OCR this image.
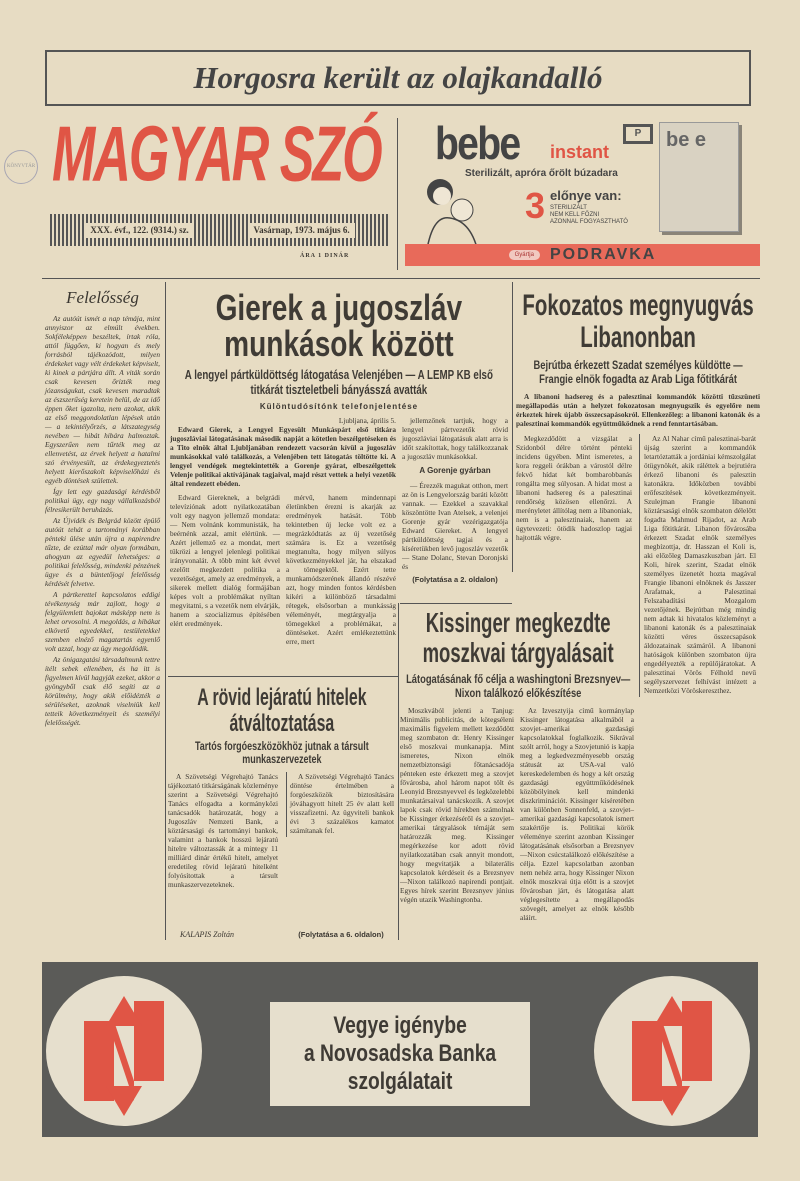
KÖNYVTÁR
Horgosra került az olajkandalló
MAGYAR SZÓ
XXX. évf., 122. (9314.) sz.	Vasárnap, 1973. május 6.
ÁRA 1 DINÁR
bebe instant
Sterilizált, apróra őrölt búzadara
P
3 előnye van:
STERILIZÁLT
NEM KELL FŐZNI
AZONNAL FOGYASZTHATÓ
be e
Gyártja	PODRAVKA
Felelősség

Az autóút ismét a nap témája, mint annyiszor az elmúlt években. Sokféleképpen beszéltek, írtak róla, attól függően, ki hogyan és mely forrásból tájékozódott, milyen érdekeket vagy vélt érdekeket képviselt, ki kinek a pártjára állt. A viták során csak kevesen őrizték meg józanságukat, csak kevesen maradtak az észszerűség keretein belül, de az idő éppen őket igazolta, nem azokat, akik az első meggondolatlan lépések után — a tekintélyőrzés, a látszategység nevében — hibát hibára halmoztak. Egyszerűen nem tűrték meg az ellenvetést, az érvek helyett a hatalmi szó érvényesült, az érdekegyeztetés helyett kierőszakolt képviselőházi és egyéb döntések születtek.

Így lett egy gazdasági kérdésből politikai ügy, egy nagy vállalkozásból félresikerült beruházás.

Az Újvidék és Belgrád között épülő autóút tehát a tartományi korábban pénteki ülése után újra a napirendre tűzte, de ezúttal már olyan formában, ahogyan az egyedül lehetséges: a politikai felelősség, mindenki pénzének ügye és a büntetőjogi felelősség kérdését felvetve.

A pártkerettel kapcsolatos eddigi tévékenység már zajlott, hogy a felgyülemlett bajokat másképp nem is lehet orvosolni. A megoldás, a hibákat elkövető egyedekkel, testületekkel szemben elnéző magatartás egyenlő volt azzal, hogy az ügy megoldódik.

Az önigazgatási társadalmunk tettre ítélt sebek ellenében, és ha itt is figyelmen kívül hagyják ezeket, akkor a gyöngyből csak élő segíti az a körülmény, hogy akik előidézték a sérüléseket, azoknak viselniük kell tetteik következményeit és személyi felelősségét.

KALAPIS Zoltán
Gierek a jugoszláv munkások között
A lengyel pártküldöttség látogatása Velenjében — A LEMP KB első titkárát tiszteletbeli bányásszá avatták
Különtudósítónk telefonjelentése
Ljubljana, április 5.

Edward Gierek, a Lengyel Egyesült Munkáspárt első titkára jugoszláviai látogatásának második napját a kötetlen beszélgetéseken és a Tito elnök által Ljubljanában rendezett vacsorán kívül a jugoszláv munkásokkal való találkozás, a Velenjében tett látogatás töltötte ki. A lengyel vendégek megtekintették a Gorenje gyárat, elbeszélgettek Velenje politikai aktívájának tagjaival, majd részt vettek a helyi vezetők által rendezett ebéden.

Edward Giereknek, a belgrádi televíziónak adott nyilatkozatában volt egy nagyon jellemző mondata: — Nem volnánk kommunisták, ha beérnénk azzal, amit elértünk. — Azért jellemző ez a mondat, mert tükrözi a lengyel jelenlegi politikai irányvonalát. A több mint két évvel ezelőtt megkezdett politika a vezetőséget, amely az eredmények, a sikerek mellett dialóg formájában képes volt a problémákat nyíltan megvitatni, s a vezetők nem elvárják, hanem a szocializmus építésében elért eredmények.

mérvű, hanem mindennapi életünkben érezni is akarják az eredmények hatását. Több tekintetben új lecke volt ez a megrázkódtatás az új vezetőség számára is. Ez a vezetőség megtanulta, hogy milyen súlyos következményekkel jár, ha elszakad a tömegektől. Ezért tette munkamódszerének állandó részévé azt, hogy minden fontos kérdésben kikéri a különböző társadalmi rétegek, elsősorban a munkásság véleményét, megtárgyalja a tömegekkel a problémákat, a döntéseket. Azért emlékeztettünk erre, mert

jellemzőnek tartjuk, hogy a lengyel pártvezetők rövid jugoszláviai látogatásuk alatt arra is időt szakítottak, hogy találkozzanak a jugoszláv munkásokkal.

A Gorenje gyárban

— Érezzék magukat otthon, mert az ön is Lengyelország baráti között vannak. — Ezekkel a szavakkal köszöntötte Ivan Atelsek, a velenjei Gorenje gyár vezérigazgatója Edward Giereket. A lengyel pártküldöttség tagjai és a kíséretükben levő jugoszláv vezetők — Stane Dolanc, Stevan Doronjski és

(Folytatása a 2. oldalon)
Fokozatos megnyugvás Libanonban
Bejrútba érkezett Szadat személyes küldötte — Frangie elnök fogadta az Arab Liga főtitkárát

A libanoni hadsereg és a palesztinai kommandók közötti tűzszüneti megállapodás után a helyzet fokozatosan megnyugszik és egyelőre nem érkeztek hírek újabb összecsapásokról. Ellenkezőleg: a libanoni katonák és a palesztinai kommandók együttműködnek a rend fenntartásában.

Megkezdődött a vizsgálat a Szidonból délre történt pénteki incidens ügyében. Mint ismeretes, a kora reggeli órákban a várostól délre fekvő hídat két bombarobbanás rongálta meg súlyosan. A hidat most a libanoni hadsereg és a palesztinai rendőrség közösen ellenőrzi. A merényletet állítólag nem a libanoniak, nem is a palesztinaiak, hanem az ügytevezeti: ötödik hadoszlop tagjai hajtották végre.

Az Al Nahar című palesztinai-barát újság szerint a kommandók letartóztatták a jordániai kémszolgálat ötügynökét, akik ráléttek a bejrutiéra érkező libanoni és palesztin katonákra. Időközben további erőfeszítések következményeit. Szulejman Frangie libanoni köztársasági elnök szombaton délelőtt fogadta Mahmud Rijadot, az Arab Liga főtitkárát. Libanon fővárosába érkezett Szadat elnök személyes megbízottja, dr. Hasszan el Koli is, aki előzőleg Damaszkuszban járt. El Koli, hírek szerint, Szadat elnök személyes üzenetét hozta magával Frangie libanoni elnöknek és Jasszer Arafatnak, a Palesztinai Felszabadítási Mozgalom vezetőjének. Bejrútban még mindig nem adtak ki hivatalos közleményt a libanoni katonák és a palesztinaiak közötti véres összecsapások áldozatainak számáról. A libanoni hatóságok különben szombaton újra engedélyezték a repülőjáratokat. A palesztinai Vörös Félhold nevű segélyszervezet felhívást intézett a Nemzetközi Vöröskereszthez.

Kissinger megkezdte moszkvai tárgyalásait
Látogatásának fő célja a washingtoni Brezsnyev—Nixon találkozó előkészítése

Moszkvából jelenti a Tanjug: Minimális publicitás, de kötegséleni maximális figyelem mellett kezdődött meg szombaton dr. Henry Kissinger első moszkvai munkanapja. Mint ismeretes, Nixon elnök nemzetbiztonsági főtanácsadója pénteken este érkezett meg a szovjet fővárosba, ahol három napot tölt és Leonyid Brezsnyevvel és legközelebbi munkatársaival tanácskozik. A szovjet lapok csak rövid hírekben számolnak be Kissinger érkezéséről és a szovjet–amerikai tárgyalások témáját sem határozzák meg. Kissinger megérkezése kor adott rövid nyilatkozatában csak annyit mondott, hogy megvitatják a bilaterális kapcsolatok kérdéseit és a Brezsnyev—Nixon találkozó napirendi pontjait. Egyes hírek szerint Brezsnyev június végén utazik Washingtonba.

Az Izvesztyija című kormánylap Kissinger látogatása alkalmából a szovjet–amerikai gazdasági kapcsolatokkal foglalkozik. Sikrával szólt arról, hogy a Szovjetunió is kapja meg a legkedvezményesebb ország státusát az USA-val való kereskedelemben és hogy a két ország gazdasági együttműködésének közöbölyinek kell mindenki diszkriminációt. Kissinger kíséretében van különben Sonnenfeld, a szovjet–amerikai gazdasági kapcsolatok ismert szakértője is. Politikai körök véleménye szerint azonban Kissinger látogatásának elsősorban a Brezsnyev—Nixon csúcstalálkozó előkészítése a célja. Ezzel kapcsolatban azonban nem nehéz arra, hogy Kissinger Nixon elnök moszkvai útja előtt is a szovjet fővárosban járt, és látogatása alatt véglegesítette a megállapodás szövegét, amelyet az elnök később aláírt.

A rövid lejáratú hitelek átváltoztatása
Tartós forgóeszközökhöz jutnak a társult munkaszervezetek

A Szövetségi Végrehajtó Tanács tájékoztató titkárságának közleménye szerint a Szövetségi Végrehajtó Tanács elfogadta a kormányközi tanácsadók határozatát, hogy a Jugoszláv Nemzeti Bank, a köztársasági és tartományi bankok, valamint a bankok hosszú lejáratú hitelre változtassák át a mintegy 11 milliárd dinár értékű hitelt, amelyet eredetileg rövid lejáratú hitelként folyósítottak a társult munkaszervezeteknek.

A Szövetségi Végrehajtó Tanács döntése értelmében a forgóeszközök biztosítására jóváhagyott hitelt 25 év alatt kell visszafizetni. Az ügyviteli bankok évi 3 százalékos kamatot számítanak fel.

(Folytatása a 6. oldalon)
Vegye igénybe
a Novosadska Banka
szolgálatait
